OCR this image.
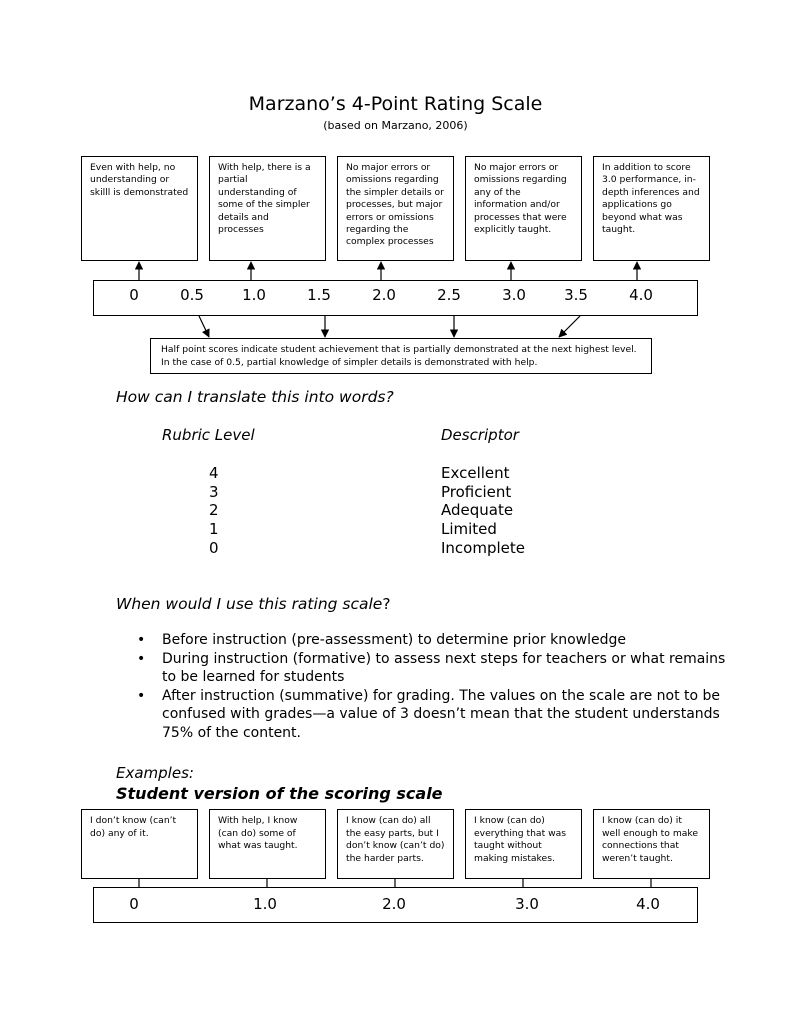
Marzano’s 4-Point Rating Scale
(based on Marzano, 2006)
Even with help, no understanding or skilll is demonstrated
With help, there is a partial understanding of some of the simpler details and processes
No major errors or omissions regarding the simpler details or processes, but major errors or omissions regarding the complex processes
No major errors or omissions regarding any of the information and/or processes that were explicitly taught.
In addition to score 3.0 performance, in-depth inferences and applications go beyond what was taught.
0	0.5	1.0	1.5	2.0	2.5	3.0	3.5	4.0
Half point scores indicate student achievement that is partially demonstrated at the next highest level.
In the case of 0.5, partial knowledge of simpler details is demonstrated with help.
How can I translate this into words?
Rubric Level	Descriptor
4	Excellent
3	Proficient
2	Adequate
1	Limited
0	Incomplete
When would I use this rating scale?
• Before instruction (pre-assessment) to determine prior knowledge
• During instruction (formative) to assess next steps for teachers or what remains to be learned for students
• After instruction (summative) for grading. The values on the scale are not to be confused with grades—a value of 3 doesn’t mean that the student understands 75% of the content.
Examples:
Student version of the scoring scale
I don’t know (can’t do) any of it.
With help, I know (can do) some of what was taught.
I know (can do) all the easy parts, but I don’t know (can’t do) the harder parts.
I know (can do) everything that was taught without making mistakes.
I know (can do) it well enough to make connections that weren’t taught.
0	1.0	2.0	3.0	4.0
